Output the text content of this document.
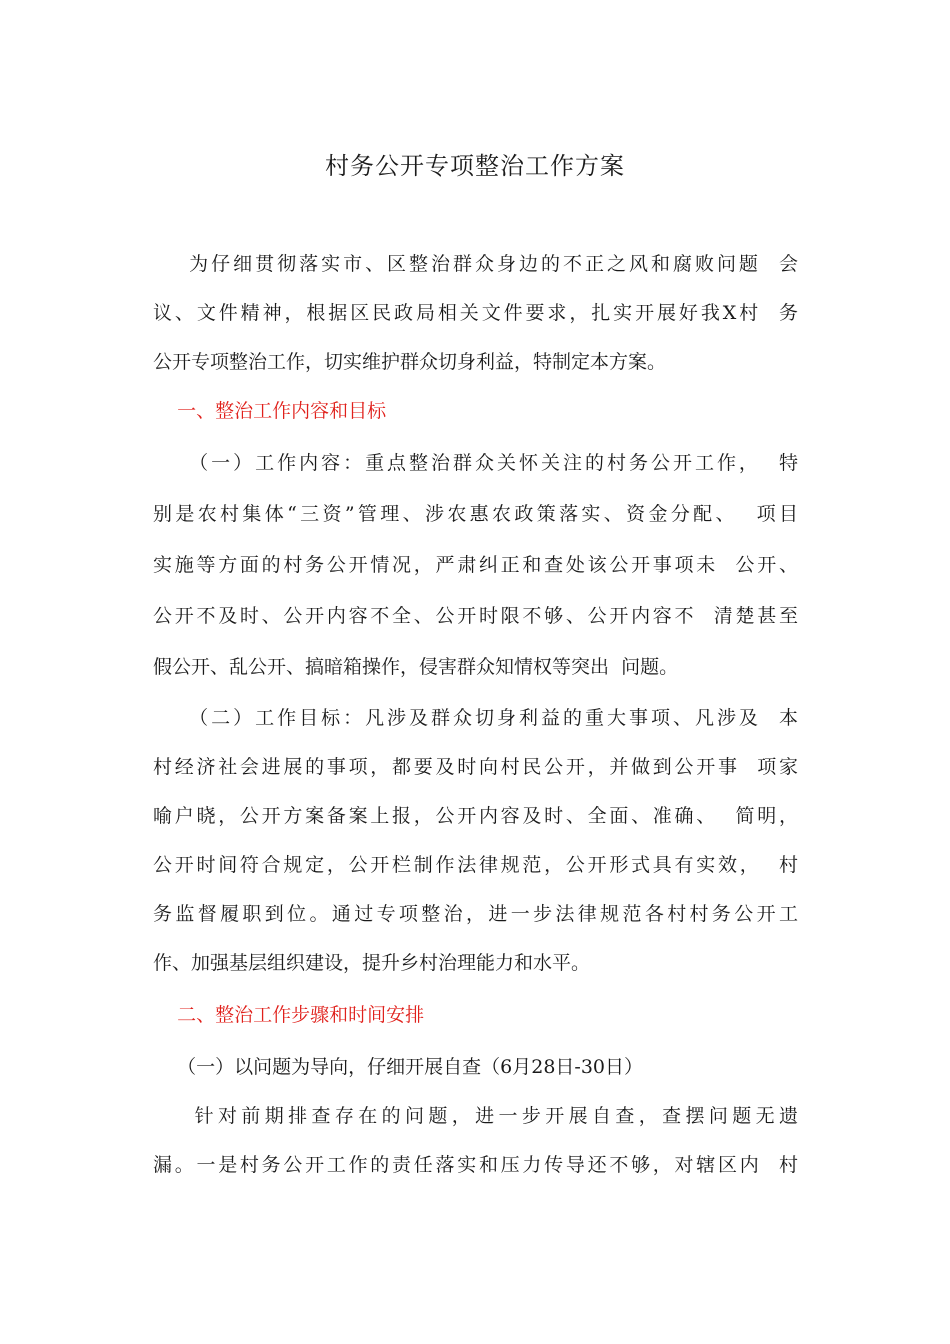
村务公开专项整治工作方案
为仔细贯彻落实市、区整治群众身边的不正之风和腐败问题  会
议、文件精神，根据区民政局相关文件要求，扎实开展好我X村  务
公开专项整治工作，切实维护群众切身利益，特制定本方案。
一、整治工作内容和目标
（一）工作内容：重点整治群众关怀关注的村务公开工作，  特
别是农村集体“三资”管理、涉农惠农政策落实、资金分配、  项目
实施等方面的村务公开情况，严肃纠正和查处该公开事项未  公开、
公开不及时、公开内容不全、公开时限不够、公开内容不  清楚甚至
假公开、乱公开、搞暗箱操作，侵害群众知情权等突出  问题。
（二）工作目标：凡涉及群众切身利益的重大事项、凡涉及  本
村经济社会进展的事项，都要及时向村民公开，并做到公开事  项家
喻户晓，公开方案备案上报，公开内容及时、全面、准确、  简明，
公开时间符合规定，公开栏制作法律规范，公开形式具有实效，  村
务监督履职到位。通过专项整治，进一步法律规范各村村务公开工
作、加强基层组织建设，提升乡村治理能力和水平。
二、整治工作步骤和时间安排
（一）以问题为导向，仔细开展自查（6月28日-30日）
针对前期排查存在的问题，进一步开展自查，查摆问题无遗
漏。一是村务公开工作的责任落实和压力传导还不够，对辖区内  村
